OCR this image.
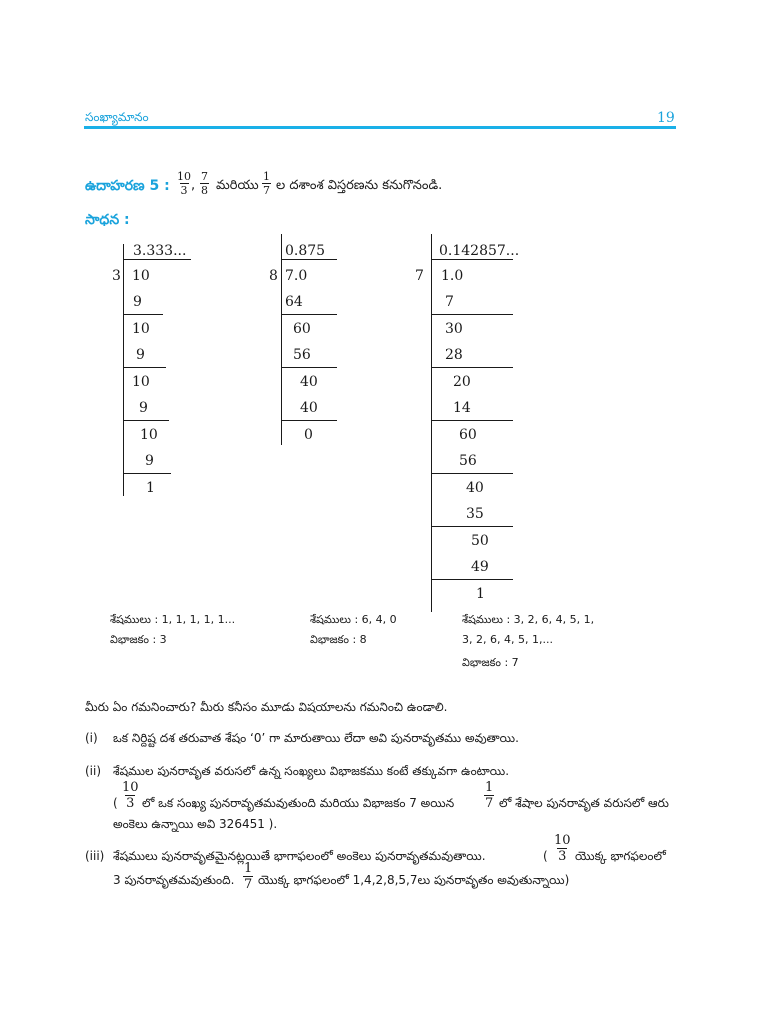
సంఖ్యామానం	19
ఉదాహరణ 5 : $\frac{10}{3}$ , $\frac{7}{8}$ మరియు $\frac{1}{7}$ ల దశాంశ విస్తరణను కనుగొనండి.
సాధన :
3.333...
3 10
9
10
9
10
9
10
9
1
0.875
8 7.0
64
60
56
40
40
0
0.142857...
7 1.0
7
30
28
20
14
60
56
40
35
50
49
1
శేషములు : 1, 1, 1, 1, 1...
విభాజకం : 3
శేషములు : 6, 4, 0
విభాజకం : 8
శేషములు : 3, 2, 6, 4, 5, 1,
3, 2, 6, 4, 5, 1,...
విభాజకం : 7
మీరు ఏం గమనించారు? మీరు కనీసం మూడు విషయాలను గమనించి ఉండాలి.
(i) ఒక నిర్దిష్ట దశ తరువాత శేషం ‘0’ గా మారుతాయి లేదా అవి పునరావృతము అవుతాయి.
(ii) శేషముల పునరావృత వరుసలో ఉన్న సంఖ్యలు విభాజకము కంటే తక్కువగా ఉంటాయి.
( $\frac{10}{3}$ లో ఒక సంఖ్య పునరావృతమవుతుంది మరియు విభాజకం 7 అయిన $\frac{1}{7}$ లో శేషాల పునరావృత వరుసలో ఆరు
అంకెలు ఉన్నాయి అవి 326451 ).
(iii) శేషములు పునరావృతమైనట్లయితే భాగాఫలంలో అంకెలు పునరావృతమవుతాయి.	( $\frac{10}{3}$ యొక్క భాగఫలంలో
3 పునరావృతమవుతుంది. $\frac{1}{7}$ యొక్క భాగఫలంలో 1,4,2,8,5,7లు పునరావృతం అవుతున్నాయి)
